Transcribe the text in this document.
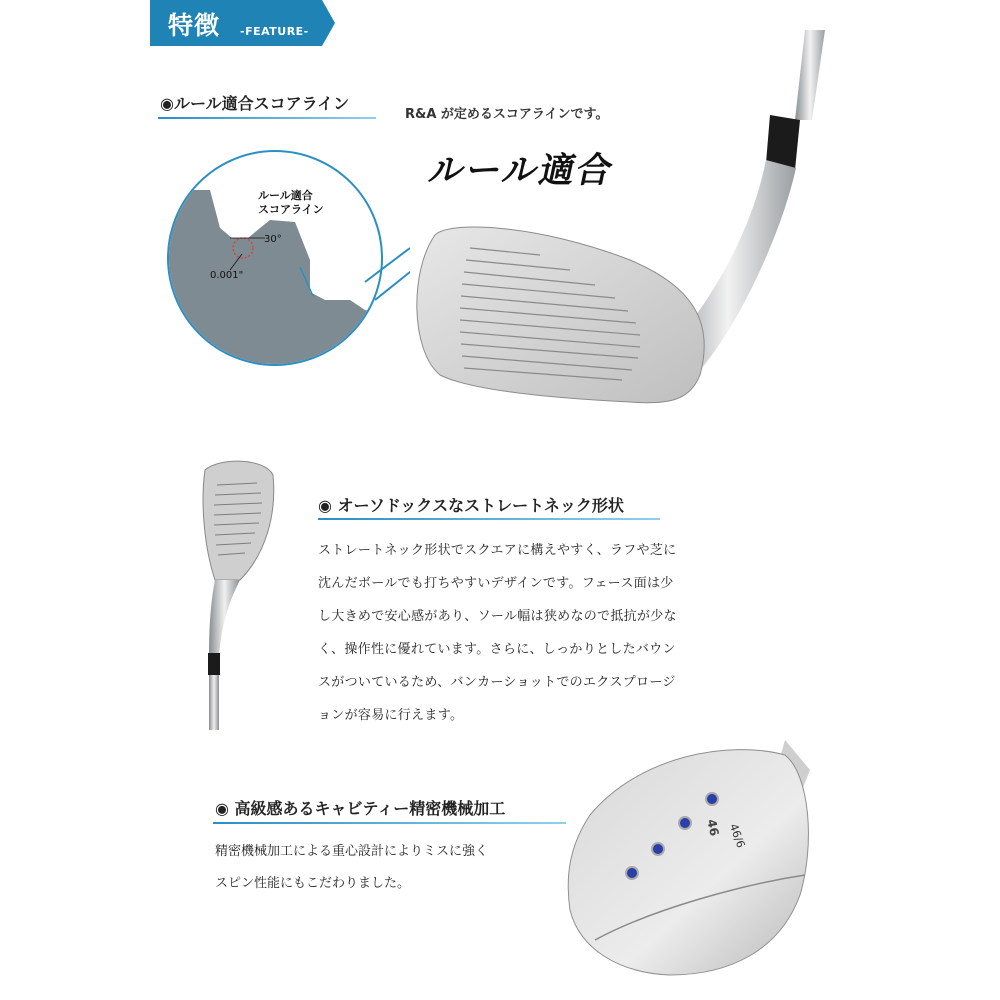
特徴 -FEATURE-
◉ルール適合スコアライン
R&A が定めるスコアラインです。
ルール適合
ルール適合
スコアライン
30°
0.001"
◉ オーソドックスなストレートネック形状
ストレートネック形状でスクエアに構えやすく、ラフや芝に沈んだボールでも打ちやすいデザインです。フェース面は少し大きめで安心感があり、ソール幅は狭めなので抵抗が少なく、操作性に優れています。さらに、しっかりとしたバウンスがついているため、バンカーショットでのエクスプロージョンが容易に行えます。
◉ 高級感あるキャビティー精密機械加工
精密機械加工による重心設計によりミスに強く
スピン性能にもこだわりました。
46 46/6
